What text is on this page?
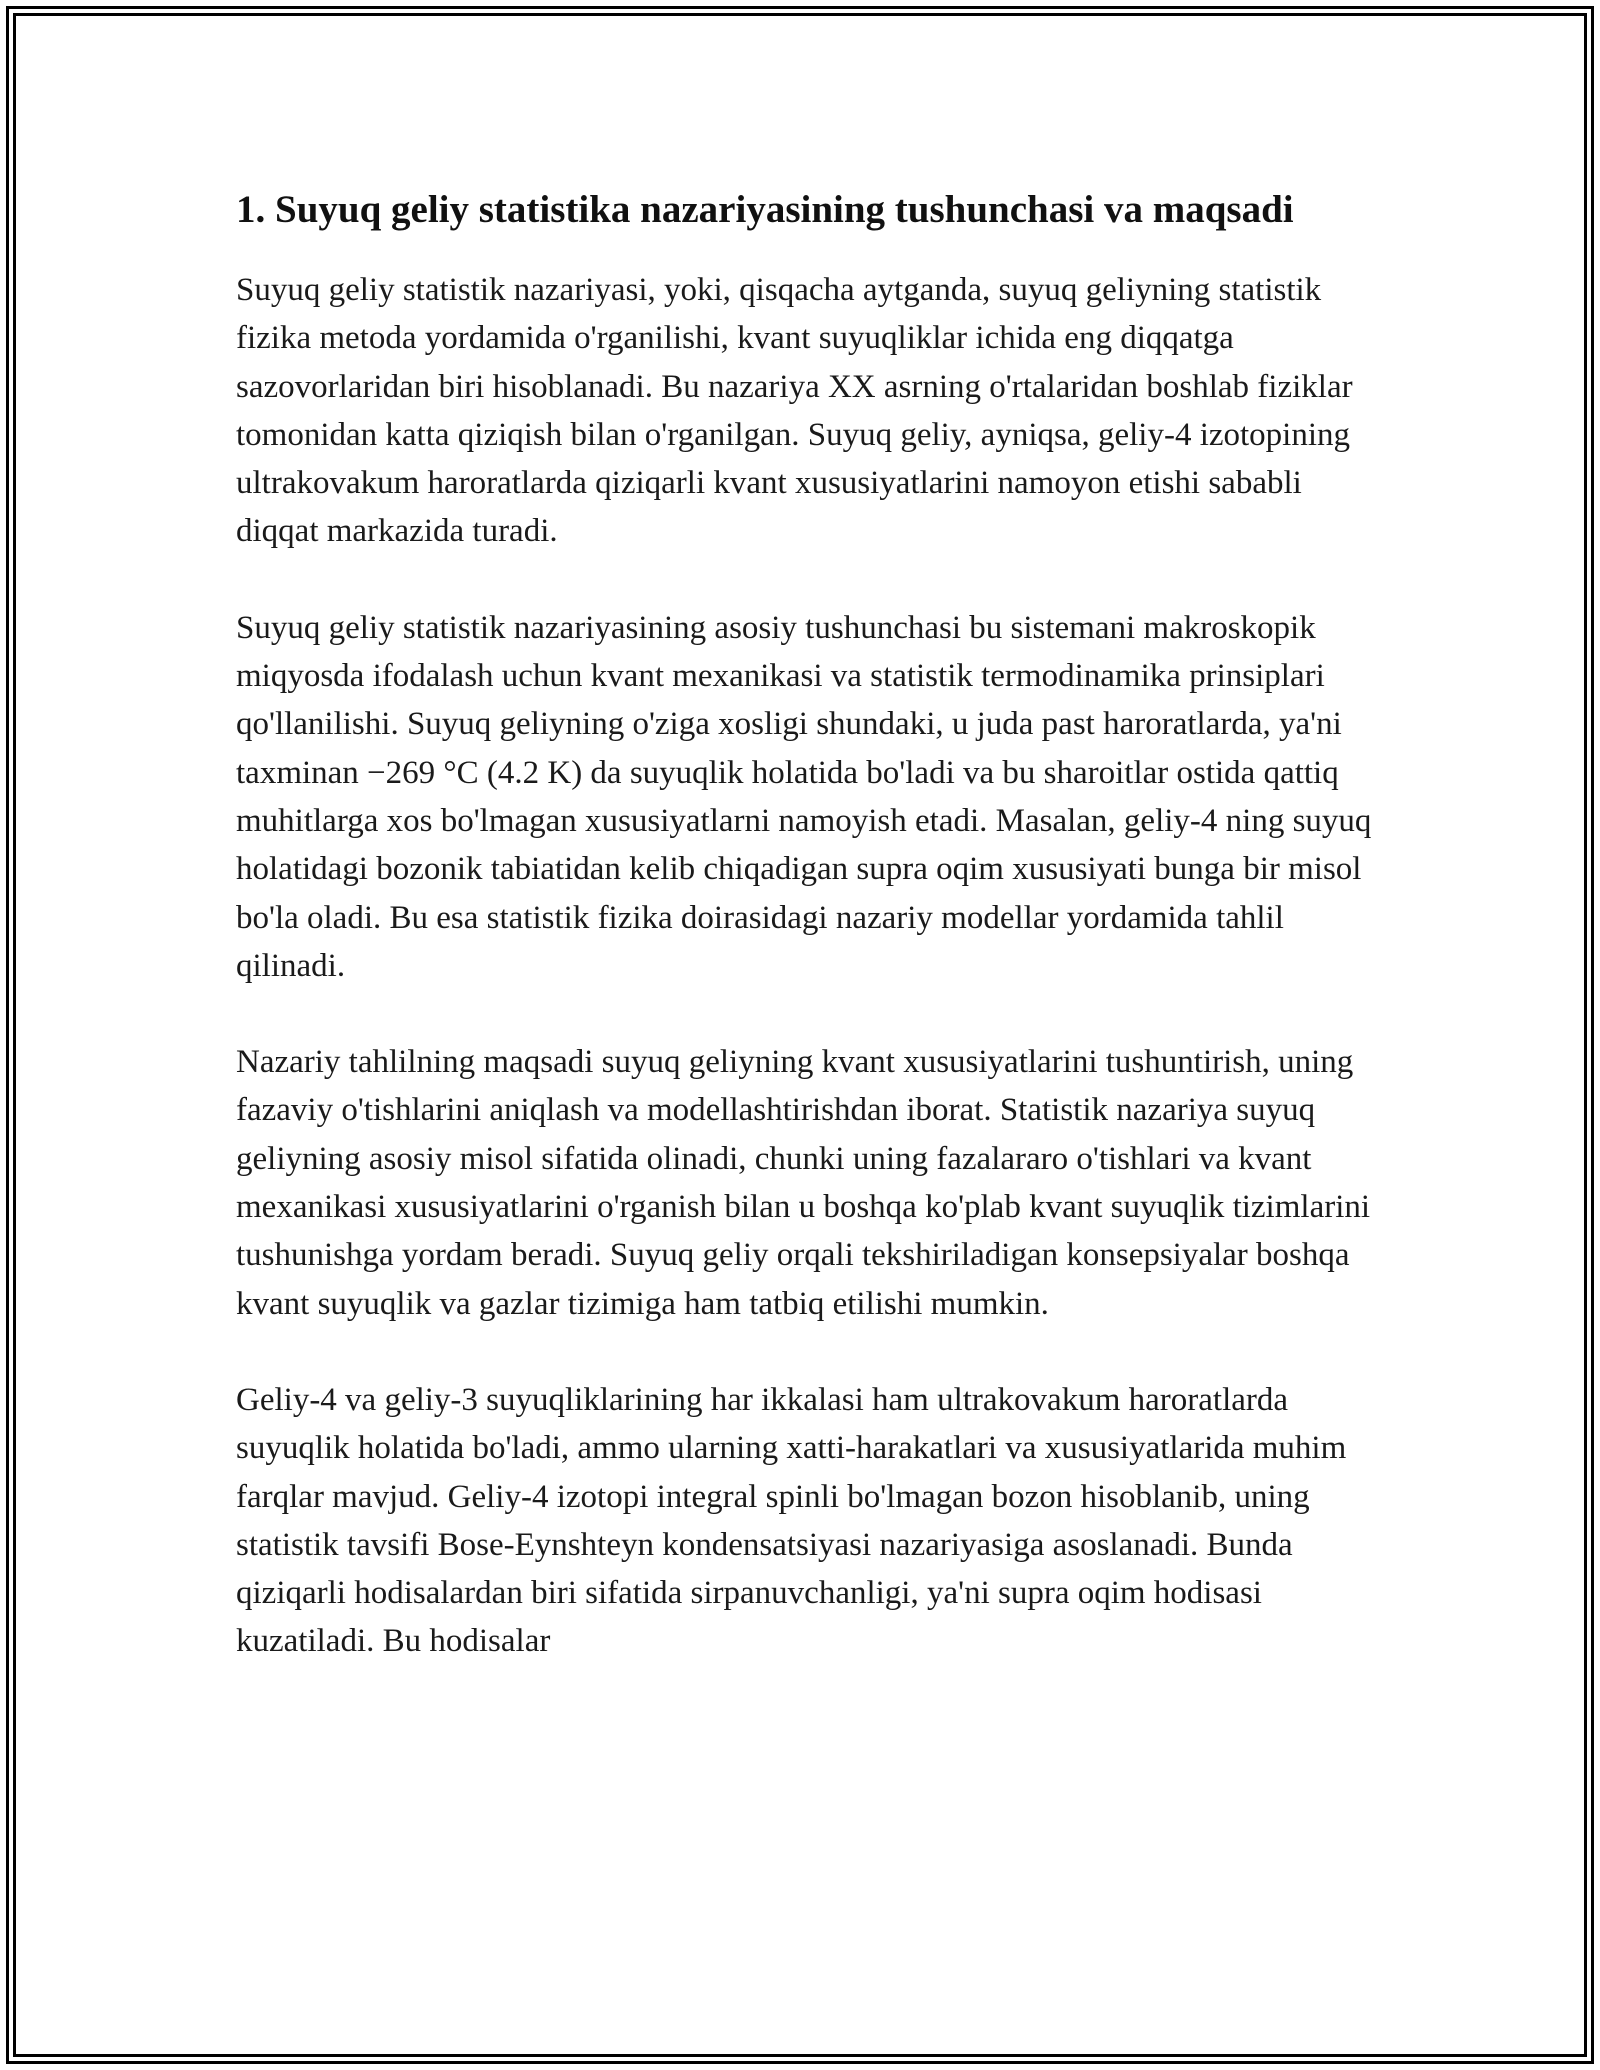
1. Suyuq geliy statistika nazariyasining tushunchasi va maqsadi

Suyuq geliy statistik nazariyasi, yoki, qisqacha aytganda, suyuq geliyning statistik fizika metoda yordamida o'rganilishi, kvant suyuqliklar ichida eng diqqatga sazovorlaridan biri hisoblanadi. Bu nazariya XX asrning o'rtalaridan boshlab fiziklar tomonidan katta qiziqish bilan o'rganilgan. Suyuq geliy, ayniqsa, geliy-4 izotopining ultrakovakum haroratlarda qiziqarli kvant xususiyatlarini namoyon etishi sababli diqqat markazida turadi.

Suyuq geliy statistik nazariyasining asosiy tushunchasi bu sistemani makroskopik miqyosda ifodalash uchun kvant mexanikasi va statistik termodinamika prinsiplari qo'llanilishi. Suyuq geliyning o'ziga xosligi shundaki, u juda past haroratlarda, ya'ni taxminan −269 °C (4.2 K) da suyuqlik holatida bo'ladi va bu sharoitlar ostida qattiq muhitlarga xos bo'lmagan xususiyatlarni namoyish etadi. Masalan, geliy-4 ning suyuq holatidagi bozonik tabiatidan kelib chiqadigan supra oqim xususiyati bunga bir misol bo'la oladi. Bu esa statistik fizika doirasidagi nazariy modellar yordamida tahlil qilinadi.

Nazariy tahlilning maqsadi suyuq geliyning kvant xususiyatlarini tushuntirish, uning fazaviy o'tishlarini aniqlash va modellashtirishdan iborat. Statistik nazariya suyuq geliyning asosiy misol sifatida olinadi, chunki uning fazalararo o'tishlari va kvant mexanikasi xususiyatlarini o'rganish bilan u boshqa ko'plab kvant suyuqlik tizimlarini tushunishga yordam beradi. Suyuq geliy orqali tekshiriladigan konsepsiyalar boshqa kvant suyuqlik va gazlar tizimiga ham tatbiq etilishi mumkin.

Geliy-4 va geliy-3 suyuqliklarining har ikkalasi ham ultrakovakum haroratlarda suyuqlik holatida bo'ladi, ammo ularning xatti-harakatlari va xususiyatlarida muhim farqlar mavjud. Geliy-4 izotopi integral spinli bo'lmagan bozon hisoblanib, uning statistik tavsifi Bose-Eynshteyn kondensatsiyasi nazariyasiga asoslanadi. Bunda qiziqarli hodisalardan biri sifatida sirpanuvchanligi, ya'ni supra oqim hodisasi kuzatiladi. Bu hodisalar
